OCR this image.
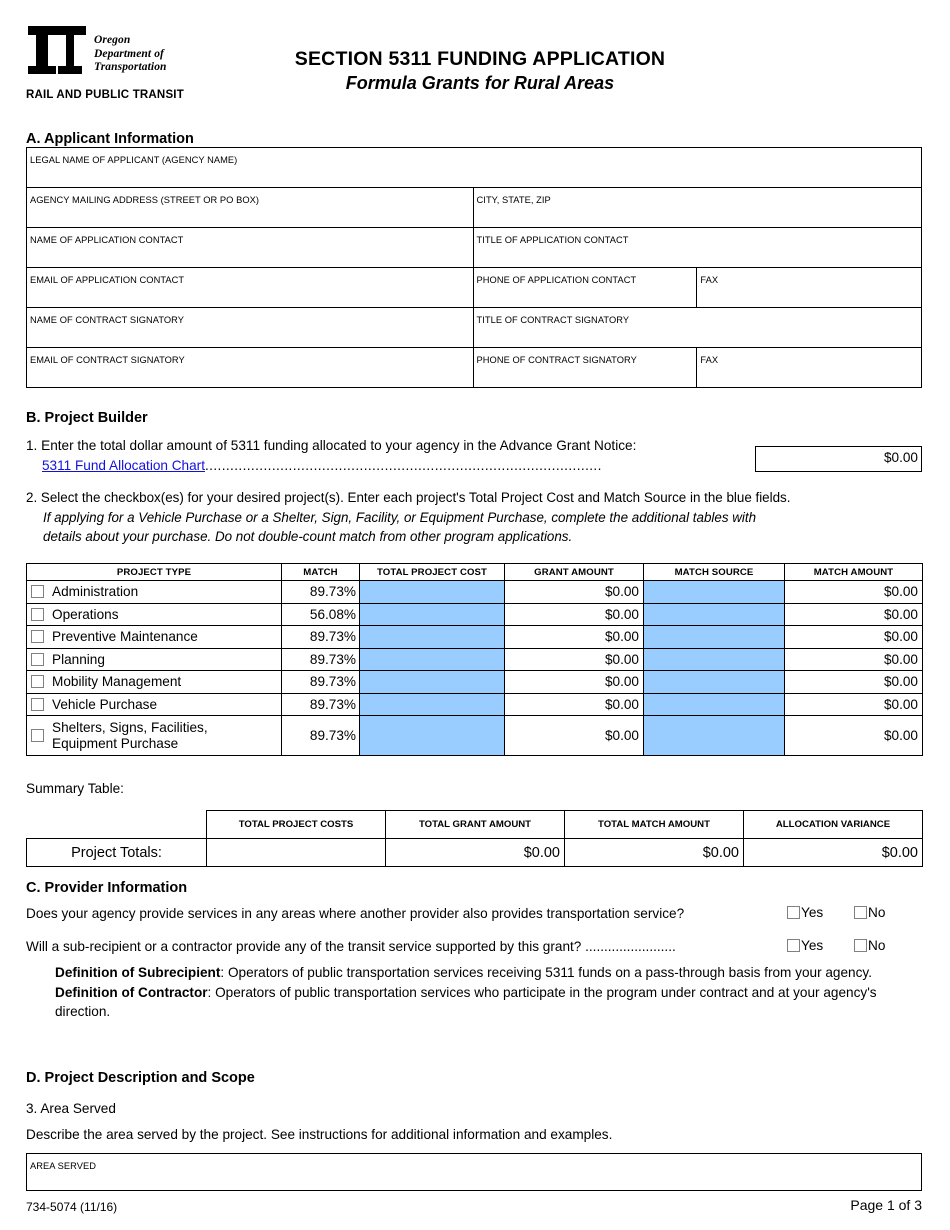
Oregon
Department of
Transportation
RAIL AND PUBLIC TRANSIT
SECTION 5311 FUNDING APPLICATION
Formula Grants for Rural Areas
A. Applicant Information
LEGAL NAME OF APPLICANT (AGENCY NAME)		
AGENCY MAILING ADDRESS (STREET OR PO BOX)	CITY, STATE, ZIP	
NAME OF APPLICATION CONTACT	TITLE OF APPLICATION CONTACT	
EMAIL OF APPLICATION CONTACT	PHONE OF APPLICATION CONTACT	FAX
NAME OF CONTRACT SIGNATORY	TITLE OF CONTRACT SIGNATORY	
EMAIL OF CONTRACT SIGNATORY	PHONE OF CONTRACT SIGNATORY	FAX
B. Project Builder
1. Enter the total dollar amount of 5311 funding allocated to your agency in the Advance Grant Notice:
5311 Fund Allocation Chart...............................................................................................
$0.00
2. Select the checkbox(es) for your desired project(s). Enter each project's Total Project Cost and Match Source in the blue fields.
If applying for a Vehicle Purchase or a Shelter, Sign, Facility, or Equipment Purchase, complete the additional tables with
details about your purchase. Do not double-count match from other program applications.
PROJECT TYPE	MATCH	TOTAL PROJECT COST	GRANT AMOUNT	MATCH SOURCE	MATCH AMOUNT

Administration	89.73%		$0.00		$0.00

Operations	56.08%		$0.00		$0.00

Preventive Maintenance	89.73%		$0.00		$0.00

Planning	89.73%		$0.00		$0.00

Mobility Management	89.73%		$0.00		$0.00

Vehicle Purchase	89.73%		$0.00		$0.00

Shelters, Signs, Facilities, Equipment Purchase	89.73%		$0.00		$0.00
Summary Table:
	TOTAL PROJECT COSTS	TOTAL GRANT AMOUNT	TOTAL MATCH AMOUNT	ALLOCATION VARIANCE
Project Totals:		$0.00	$0.00	$0.00
C. Provider Information
Does your agency provide services in any areas where another provider also provides transportation service?	Yes	No
Will a sub-recipient or a contractor provide any of the transit service supported by this grant? ........................	Yes	No
Definition of Subrecipient: Operators of public transportation services receiving 5311 funds on a pass-through basis from your agency.
Definition of Contractor: Operators of public transportation services who participate in the program under contract and at your agency's direction.
D. Project Description and Scope
3. Area Served
Describe the area served by the project. See instructions for additional information and examples.
AREA SERVED
734-5074 (11/16)	Page 1 of 3
